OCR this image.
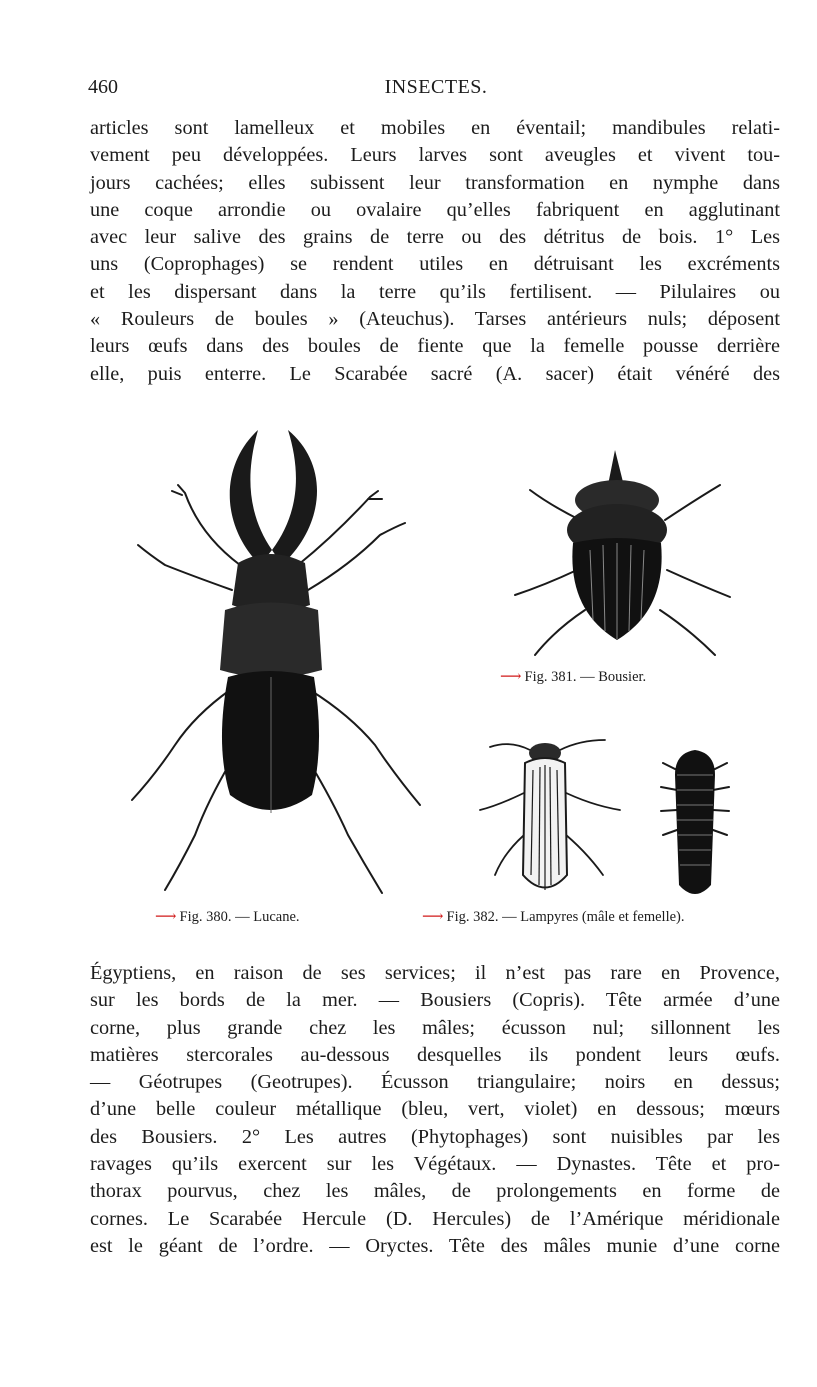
460	INSECTES.
articles sont lamelleux et mobiles en éventail; mandibules relati-
vement peu développées. Leurs larves sont aveugles et vivent tou-
jours cachées; elles subissent leur transformation en nymphe dans
une coque arrondie ou ovalaire qu’elles fabriquent en agglutinant
avec leur salive des grains de terre ou des détritus de bois. 1° Les
uns (Coprophages) se rendent utiles en détruisant les excréments
et les dispersant dans la terre qu’ils fertilisent. — Pilulaires ou
« Rouleurs de boules » (Ateuchus). Tarses antérieurs nuls; déposent
leurs œufs dans des boules de fiente que la femelle pousse derrière
elle, puis enterre. Le Scarabée sacré (A. sacer) était vénéré des
⟶ Fig. 381. — Bousier.
⟶ Fig. 380. — Lucane.	⟶ Fig. 382. — Lampyres (mâle et femelle).
Égyptiens, en raison de ses services; il n’est pas rare en Provence,
sur les bords de la mer. — Bousiers (Copris). Tête armée d’une
corne, plus grande chez les mâles; écusson nul; sillonnent les
matières stercorales au-dessous desquelles ils pondent leurs œufs.
— Géotrupes (Geotrupes). Écusson triangulaire; noirs en dessus;
d’une belle couleur métallique (bleu, vert, violet) en dessous; mœurs
des Bousiers. 2° Les autres (Phytophages) sont nuisibles par les
ravages qu’ils exercent sur les Végétaux. — Dynastes. Tête et pro-
thorax pourvus, chez les mâles, de prolongements en forme de
cornes. Le Scarabée Hercule (D. Hercules) de l’Amérique méridionale
est le géant de l’ordre. — Oryctes. Tête des mâles munie d’une corne
